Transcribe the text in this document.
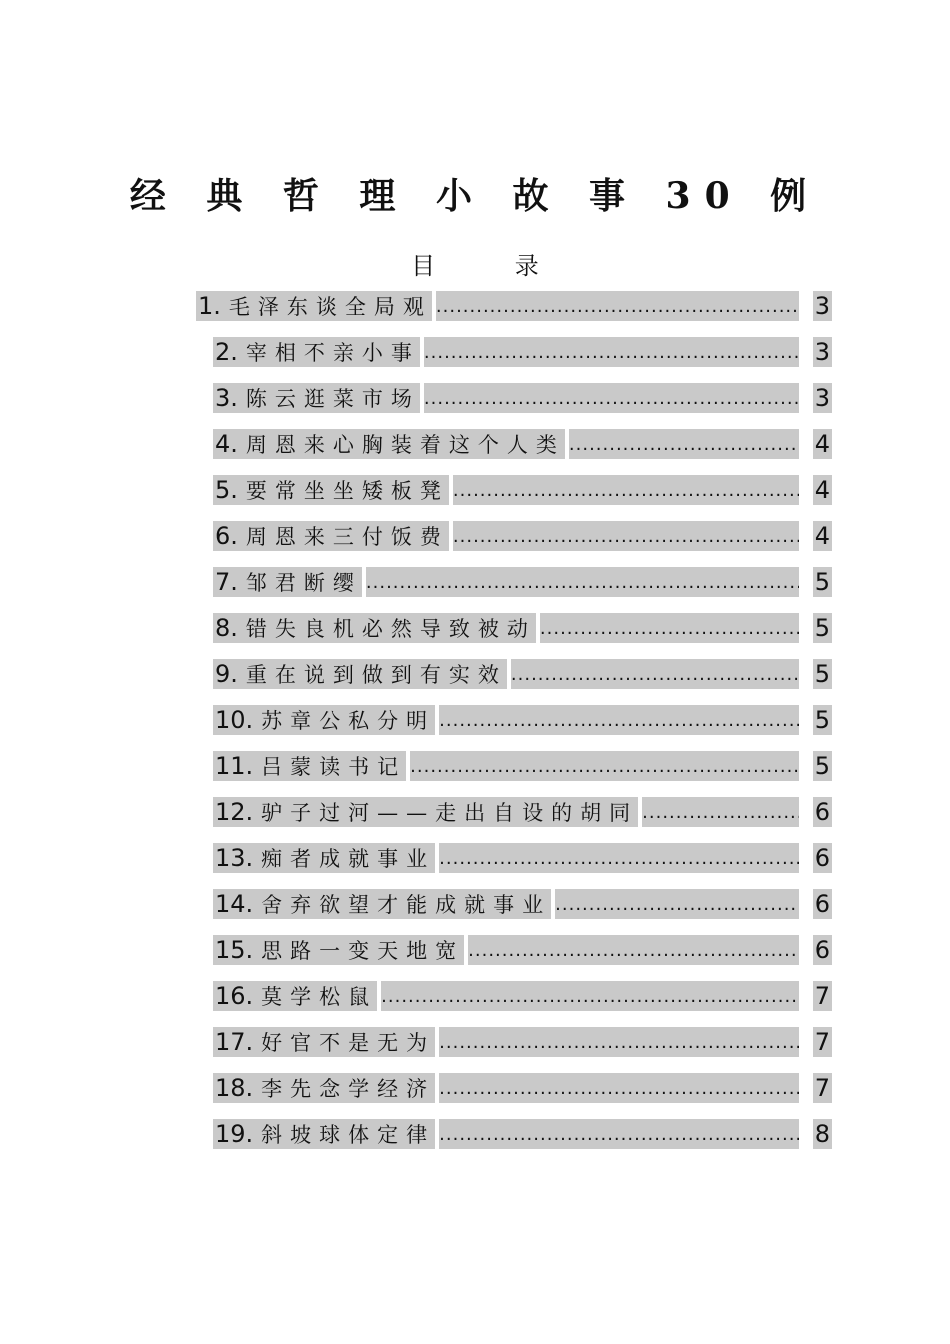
经 典 哲 理 小 故 事 30 例
目 录
1. 毛泽东谈全局观 .....	3
2. 宰相不亲小事 .....	3
3. 陈云逛菜市场 .....	3
4. 周恩来心胸装着这个人类 .....	4
5. 要常坐坐矮板凳 .....	4
6. 周恩来三付饭费 .....	4
7. 邹君断缨 .....	5
8. 错失良机必然导致被动 .....	5
9. 重在说到做到有实效 .....	5
10. 苏章公私分明 .....	5
11. 吕蒙读书记 .....	5
12. 驴子过河——走出自设的胡同 .....	6
13. 痴者成就事业 .....	6
14. 舍弃欲望才能成就事业 .....	6
15. 思路一变天地宽 .....	6
16. 莫学松鼠 .....	7
17. 好官不是无为 .....	7
18. 李先念学经济 .....	7
19. 斜坡球体定律 .....	8
